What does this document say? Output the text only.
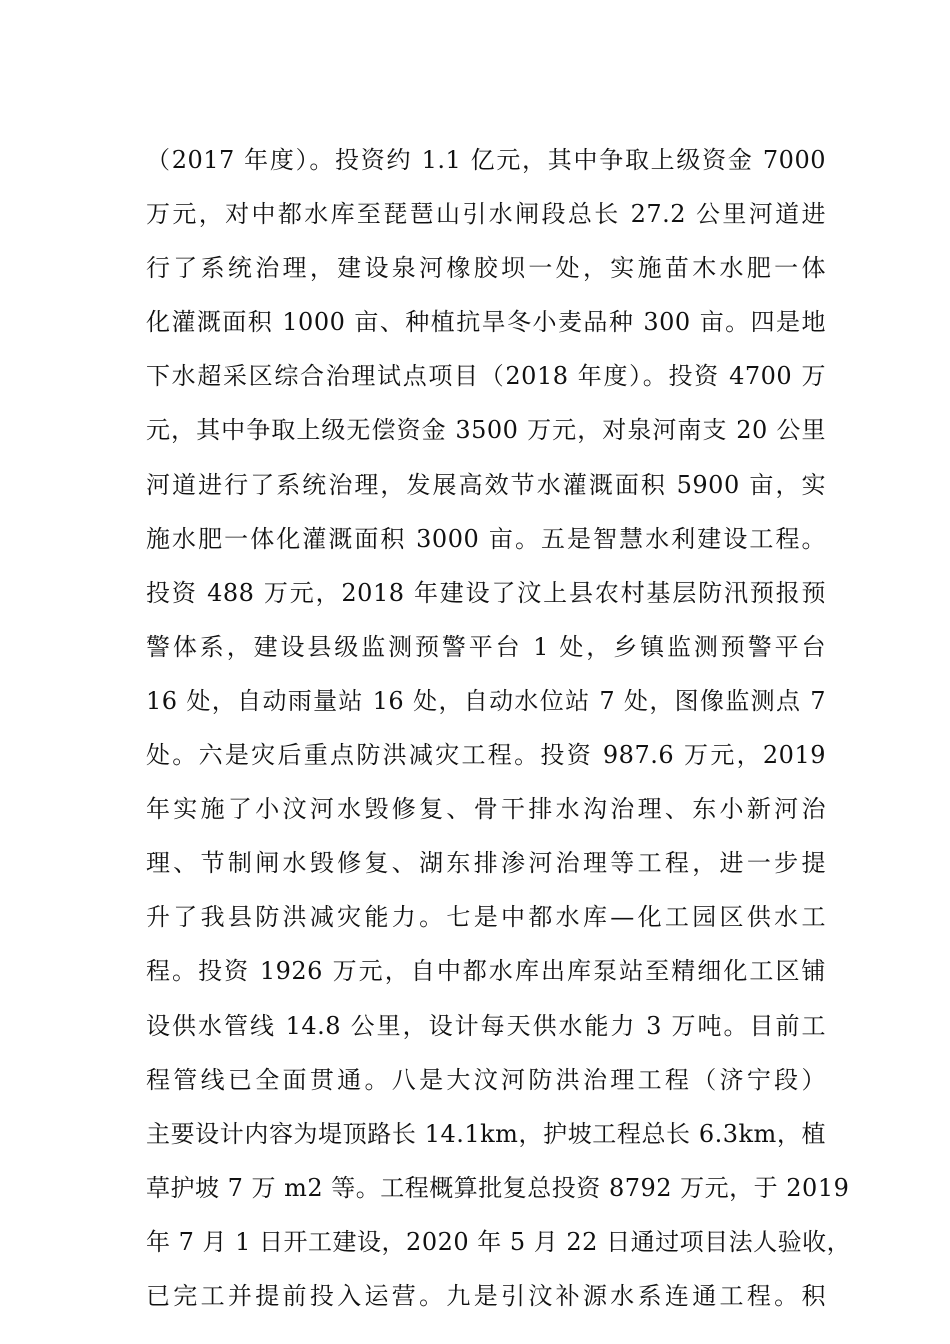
（2017 年度）。投资约 1.1 亿元，其中争取上级资金 7000
万元，对中都水库至琵琶山引水闸段总长 27.2 公里河道进
行了系统治理，建设泉河橡胶坝一处，实施苗木水肥一体
化灌溉面积 1000 亩、种植抗旱冬小麦品种 300 亩。四是地
下水超采区综合治理试点项目（2018 年度）。投资 4700 万
元，其中争取上级无偿资金 3500 万元，对泉河南支 20 公里
河道进行了系统治理，发展高效节水灌溉面积 5900 亩，实
施水肥一体化灌溉面积 3000 亩。五是智慧水利建设工程。
投资 488 万元，2018 年建设了汶上县农村基层防汛预报预
警体系，建设县级监测预警平台 1 处，乡镇监测预警平台
16 处，自动雨量站 16 处，自动水位站 7 处，图像监测点 7
处。六是灾后重点防洪减灾工程。投资 987.6 万元，2019
年实施了小汶河水毁修复、骨干排水沟治理、东小新河治
理、节制闸水毁修复、湖东排渗河治理等工程，进一步提
升了我县防洪减灾能力。七是中都水库—化工园区供水工
程。投资 1926 万元，自中都水库出库泵站至精细化工区铺
设供水管线 14.8 公里，设计每天供水能力 3 万吨。目前工
程管线已全面贯通。八是大汶河防洪治理工程（济宁段）
主要设计内容为堤顶路长 14.1km，护坡工程总长 6.3km，植
草护坡 7 万 m2 等。工程概算批复总投资 8792 万元，于 2019
年 7 月 1 日开工建设，2020 年 5 月 22 日通过项目法人验收，
已完工并提前投入运营。九是引汶补源水系连通工程。积
